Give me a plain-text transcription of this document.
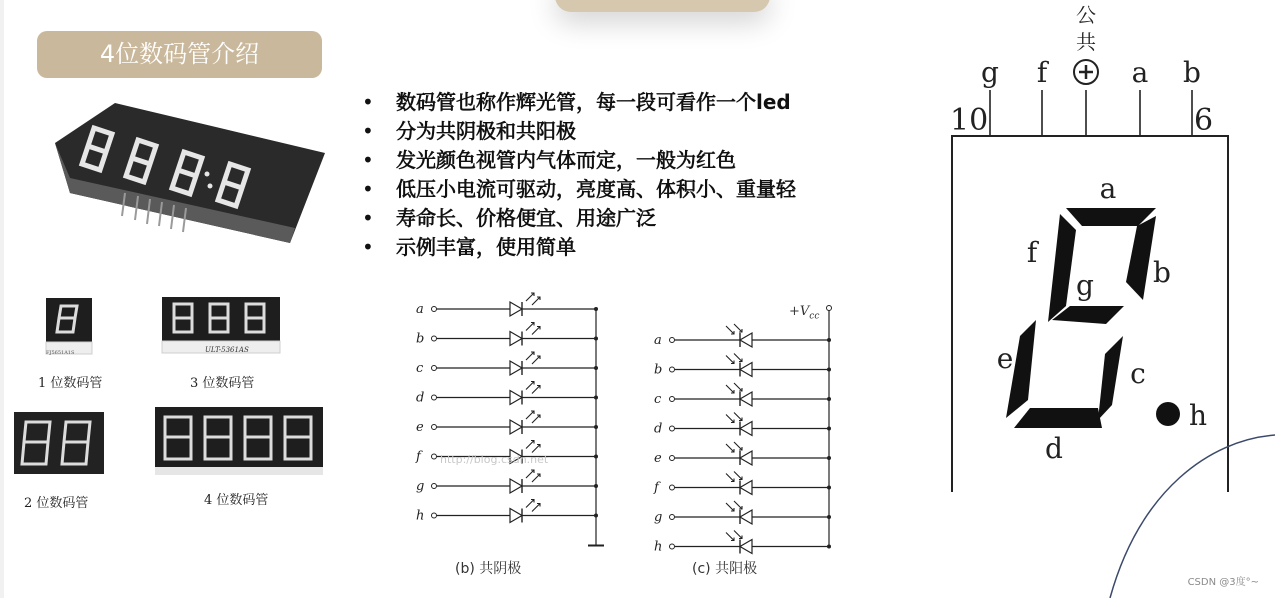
4位数码管介绍
• 数码管也称作辉光管，每一段可看作一个led
• 分为共阴极和共阳极
• 发光颜色视管内气体而定，一般为红色
• 低压小电流可驱动，亮度高、体积小、重量轻
• 寿命长、价格便宜、用途广泛
• 示例丰富，使用简单
FJ5651A1S	ULT-5361AS
1 位数码管	3 位数码管
2 位数码管	4 位数码管
a
b
c
d
e
f
g
h
a
b
c
d
e
f
g
h
(b) 共阴极	(c) 共阳极
http://blog.csdn.net
$+V_{cc}$
g f	a b
公
共
10	6
a
b
c
d
e
f
g
h
CSDN @3度°~
